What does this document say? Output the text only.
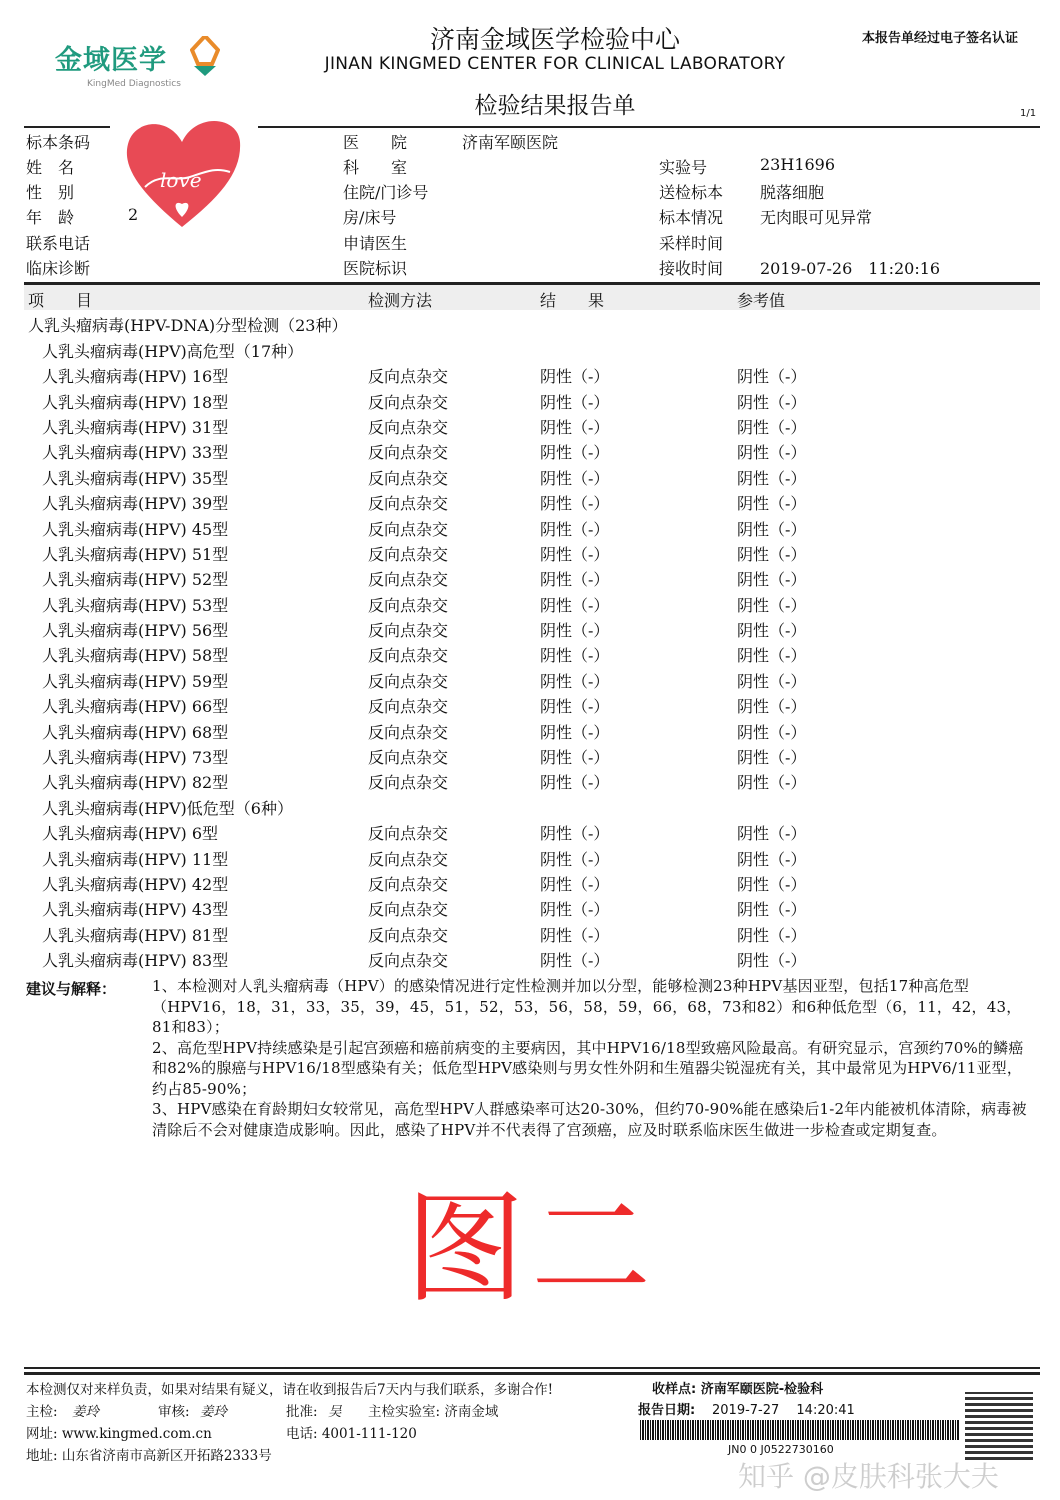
金域医学
KingMed Diagnostics
济南金域医学检验中心
JINAN KINGMED CENTER FOR CLINICAL LABORATORY
检验结果报告单
本报告单经过电子签名认证
1/1
标本条码
姓　名
性　别
年　龄	2
联系电话
临床诊断
医　　院	济南军颐医院
科　　室
住院/门诊号
房/床号
申请医生
医院标识
实验号	23H1696
送检标本 脱落细胞
标本情况 无肉眼可见异常
采样时间
接收时间 2019-07-26　11:20:16
love
项　　目	检测方法	结　　果	参考值
人乳头瘤病毒(HPV-DNA)分型检测（23种）
人乳头瘤病毒(HPV)高危型（17种）
人乳头瘤病毒(HPV) 16型	反向点杂交	阴性（-）	阴性（-）
人乳头瘤病毒(HPV) 18型	反向点杂交	阴性（-）	阴性（-）
人乳头瘤病毒(HPV) 31型	反向点杂交	阴性（-）	阴性（-）
人乳头瘤病毒(HPV) 33型	反向点杂交	阴性（-）	阴性（-）
人乳头瘤病毒(HPV) 35型	反向点杂交	阴性（-）	阴性（-）
人乳头瘤病毒(HPV) 39型	反向点杂交	阴性（-）	阴性（-）
人乳头瘤病毒(HPV) 45型	反向点杂交	阴性（-）	阴性（-）
人乳头瘤病毒(HPV) 51型	反向点杂交	阴性（-）	阴性（-）
人乳头瘤病毒(HPV) 52型	反向点杂交	阴性（-）	阴性（-）
人乳头瘤病毒(HPV) 53型	反向点杂交	阴性（-）	阴性（-）
人乳头瘤病毒(HPV) 56型	反向点杂交	阴性（-）	阴性（-）
人乳头瘤病毒(HPV) 58型	反向点杂交	阴性（-）	阴性（-）
人乳头瘤病毒(HPV) 59型	反向点杂交	阴性（-）	阴性（-）
人乳头瘤病毒(HPV) 66型	反向点杂交	阴性（-）	阴性（-）
人乳头瘤病毒(HPV) 68型	反向点杂交	阴性（-）	阴性（-）
人乳头瘤病毒(HPV) 73型	反向点杂交	阴性（-）	阴性（-）
人乳头瘤病毒(HPV) 82型	反向点杂交	阴性（-）	阴性（-）
人乳头瘤病毒(HPV)低危型（6种）
人乳头瘤病毒(HPV) 6型	反向点杂交	阴性（-）	阴性（-）
人乳头瘤病毒(HPV) 11型	反向点杂交	阴性（-）	阴性（-）
人乳头瘤病毒(HPV) 42型	反向点杂交	阴性（-）	阴性（-）
人乳头瘤病毒(HPV) 43型	反向点杂交	阴性（-）	阴性（-）
人乳头瘤病毒(HPV) 81型	反向点杂交	阴性（-）	阴性（-）
人乳头瘤病毒(HPV) 83型	反向点杂交	阴性（-）	阴性（-）
建议与解释： 1、本检测对人乳头瘤病毒（HPV）的感染情况进行定性检测并加以分型，能够检测23种HPV基因亚型，包括17种高危型（HPV16，18，31，33，35，39，45，51，52，53，56，58，59，66，68，73和82）和6种低危型（6，11，42，43，81和83）；
2、高危型HPV持续感染是引起宫颈癌和癌前病变的主要病因，其中HPV16/18型致癌风险最高。有研究显示，宫颈约70%的鳞癌和82%的腺癌与HPV16/18型感染有关；低危型HPV感染则与男女性外阴和生殖器尖锐湿疣有关，其中最常见为HPV6/11亚型，约占85-90%；
3、HPV感染在育龄期妇女较常见，高危型HPV人群感染率可达20-30%，但约70-90%能在感染后1-2年内能被机体清除，病毒被清除后不会对健康造成影响。因此，感染了HPV并不代表得了宫颈癌，应及时联系临床医生做进一步检查或定期复查。
图二
本检测仅对来样负责，如果对结果有疑义，请在收到报告后7天内与我们联系，多谢合作!
主检: 姜玲	审核: 姜玲	批准: 吴 主检实验室: 济南金域
网址: www.kingmed.com.cn	电话: 4001-111-120
地址: 山东省济南市高新区开拓路2333号
收样点: 济南军颐医院-检验科
报告日期: 2019-7-27　 14:20:41
JN0 0 J0522730160
知乎 @皮肤科张大夫
